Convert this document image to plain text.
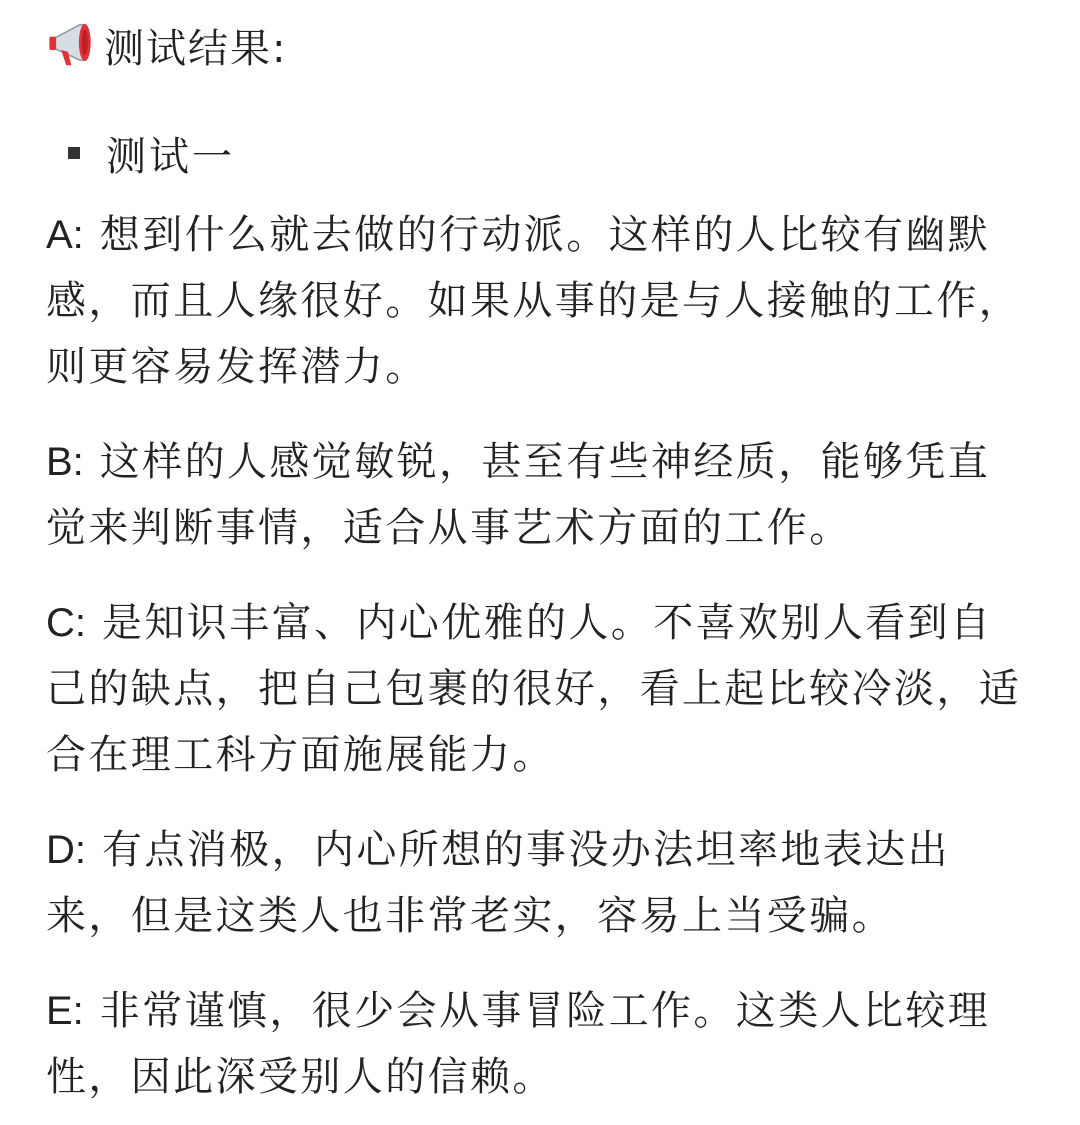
测试结果:
测试一

A: 想到什么就去做的行动派。这样的人比较有幽默感，而且人缘很好。如果从事的是与人接触的工作，则更容易发挥潜力。

B: 这样的人感觉敏锐，甚至有些神经质，能够凭直觉来判断事情，适合从事艺术方面的工作。

C: 是知识丰富、内心优雅的人。不喜欢别人看到自己的缺点，把自己包裹的很好，看上起比较冷淡，适合在理工科方面施展能力。

D: 有点消极，内心所想的事没办法坦率地表达出来，但是这类人也非常老实，容易上当受骗。

E: 非常谨慎，很少会从事冒险工作。这类人比较理性，因此深受别人的信赖。
